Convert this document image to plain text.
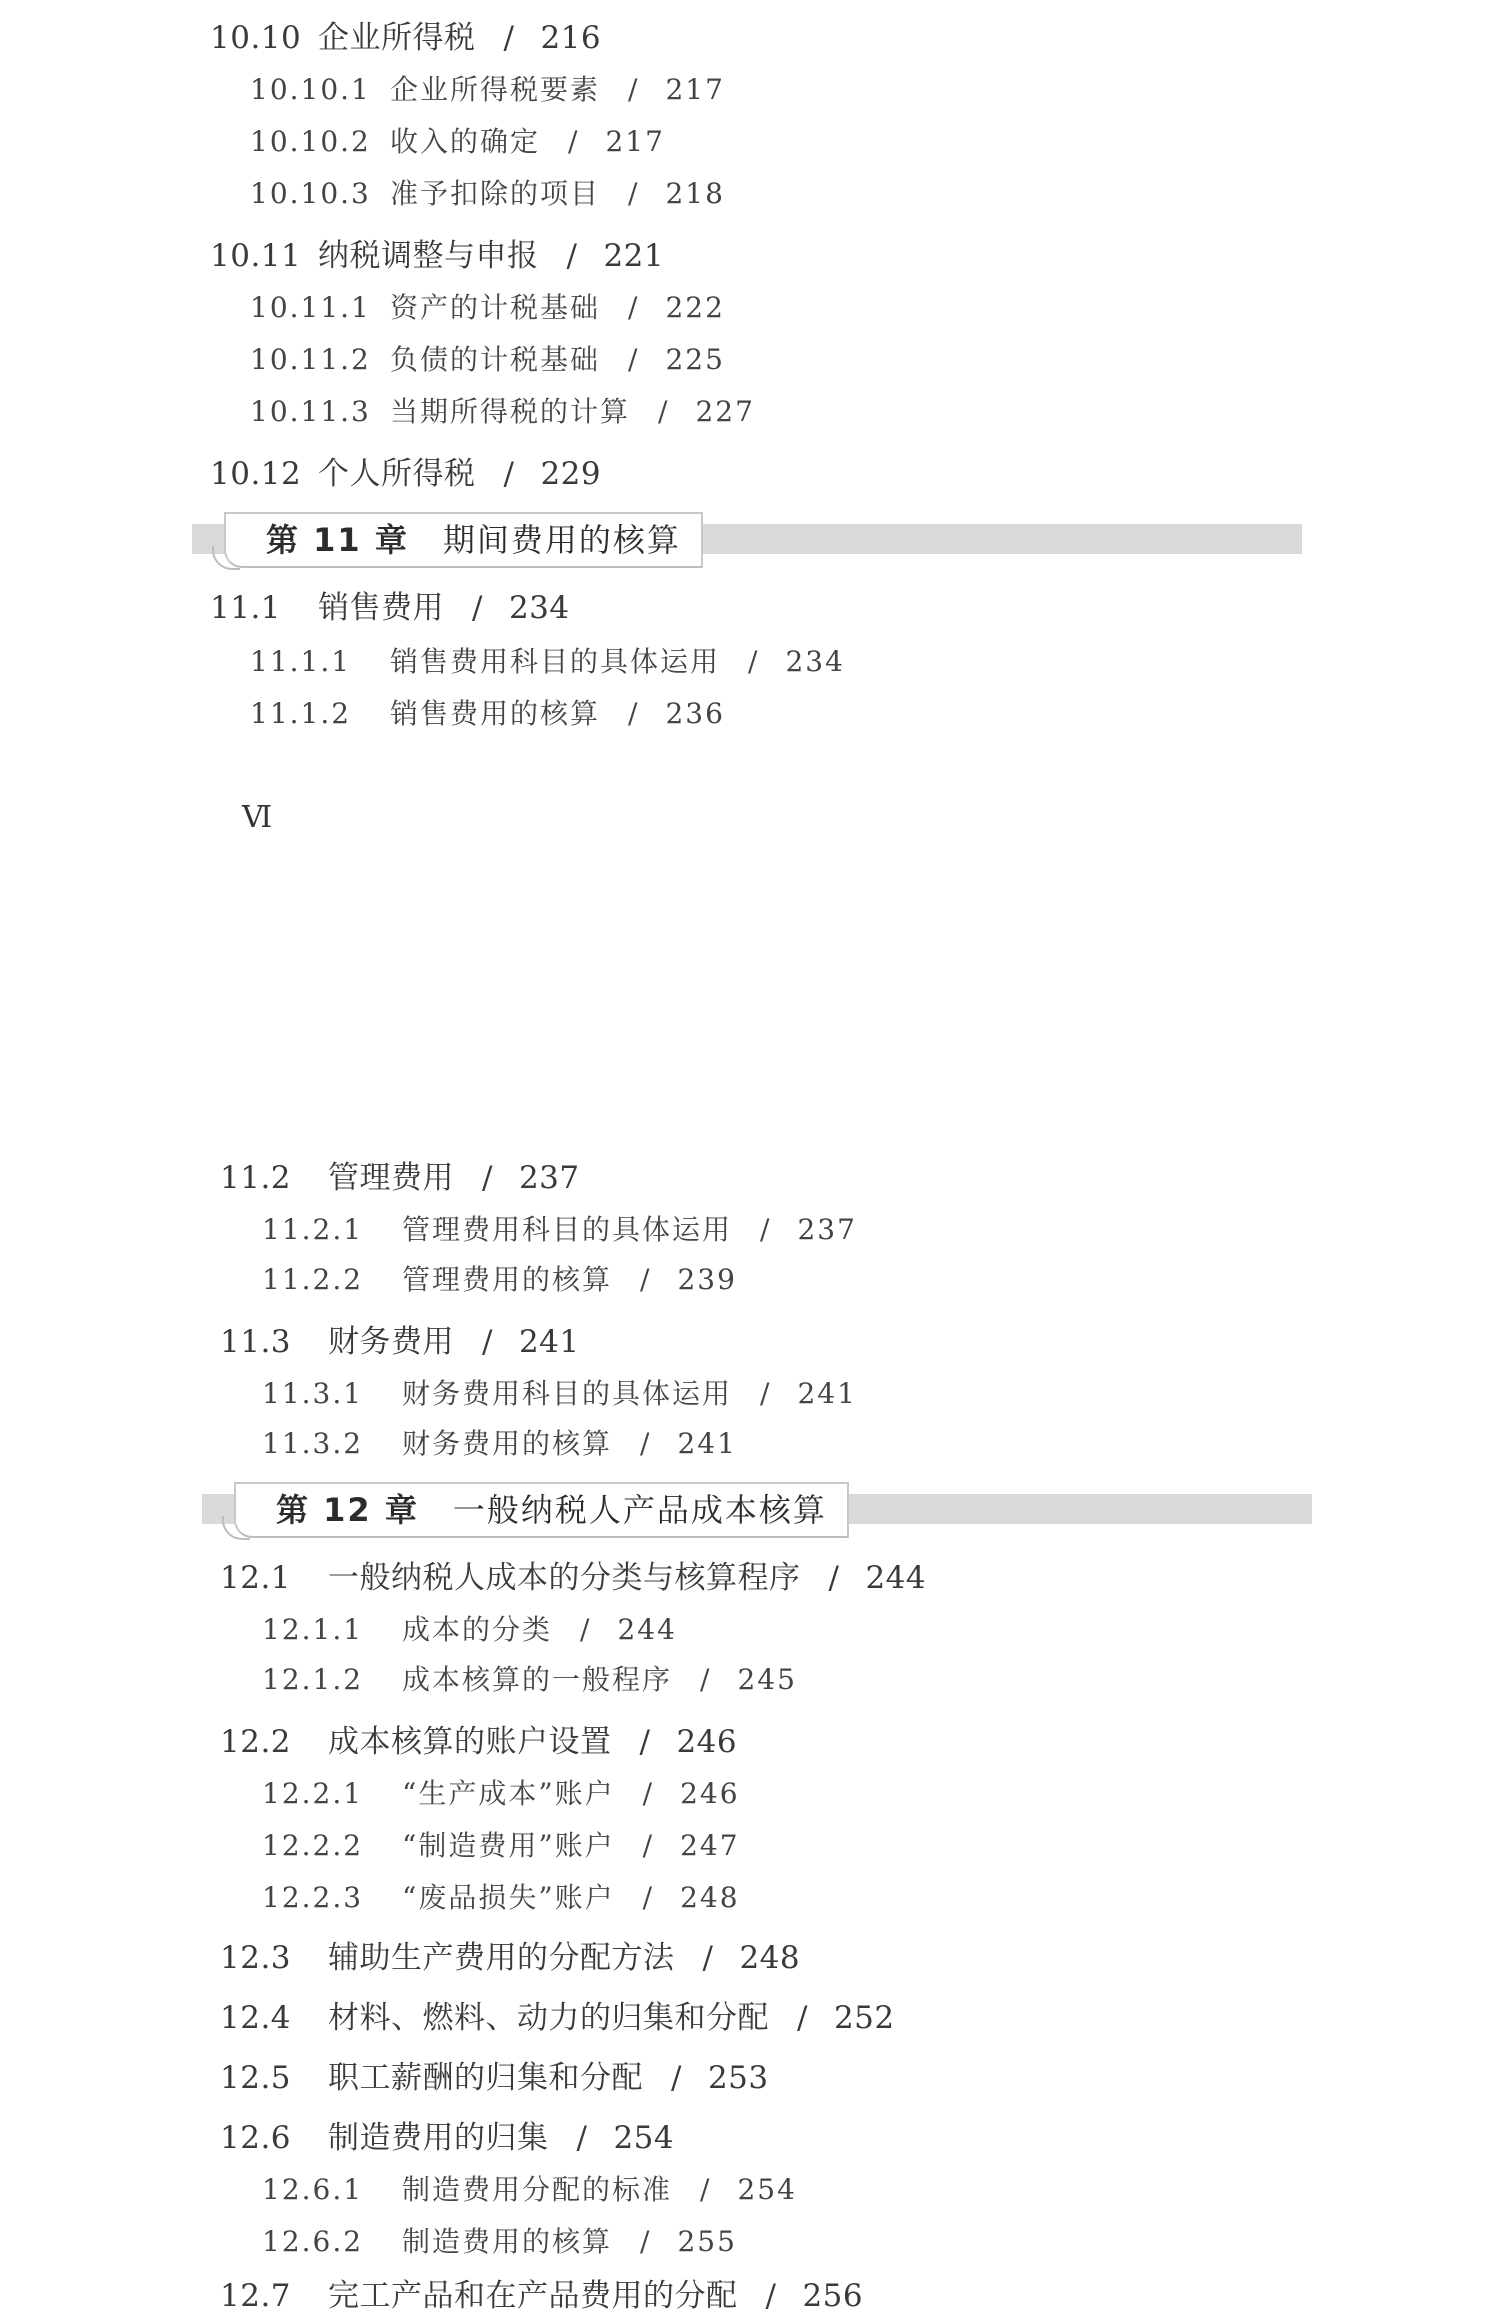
10.10 企业所得税 / 216
10.10.1 企业所得税要素 / 217
10.10.2 收入的确定 / 217
10.10.3 准予扣除的项目 / 218
10.11 纳税调整与申报 / 221
10.11.1 资产的计税基础 / 222
10.11.2 负债的计税基础 / 225
10.11.3 当期所得税的计算 / 227
10.12 个人所得税 / 229
第 11 章 期间费用的核算
11.1 销售费用 / 234
11.1.1 销售费用科目的具体运用 / 234
11.1.2 销售费用的核算 / 236
Ⅵ
11.2 管理费用 / 237
11.2.1 管理费用科目的具体运用 / 237
11.2.2 管理费用的核算 / 239
11.3 财务费用 / 241
11.3.1 财务费用科目的具体运用 / 241
11.3.2 财务费用的核算 / 241
第 12 章 一般纳税人产品成本核算
12.1 一般纳税人成本的分类与核算程序 / 244
12.1.1 成本的分类 / 244
12.1.2 成本核算的一般程序 / 245
12.2 成本核算的账户设置 / 246
12.2.1 “生产成本”账户 / 246
12.2.2 “制造费用”账户 / 247
12.2.3 “废品损失”账户 / 248
12.3 辅助生产费用的分配方法 / 248
12.4 材料、燃料、动力的归集和分配 / 252
12.5 职工薪酬的归集和分配 / 253
12.6 制造费用的归集 / 254
12.6.1 制造费用分配的标准 / 254
12.6.2 制造费用的核算 / 255
12.7 完工产品和在产品费用的分配 / 256
